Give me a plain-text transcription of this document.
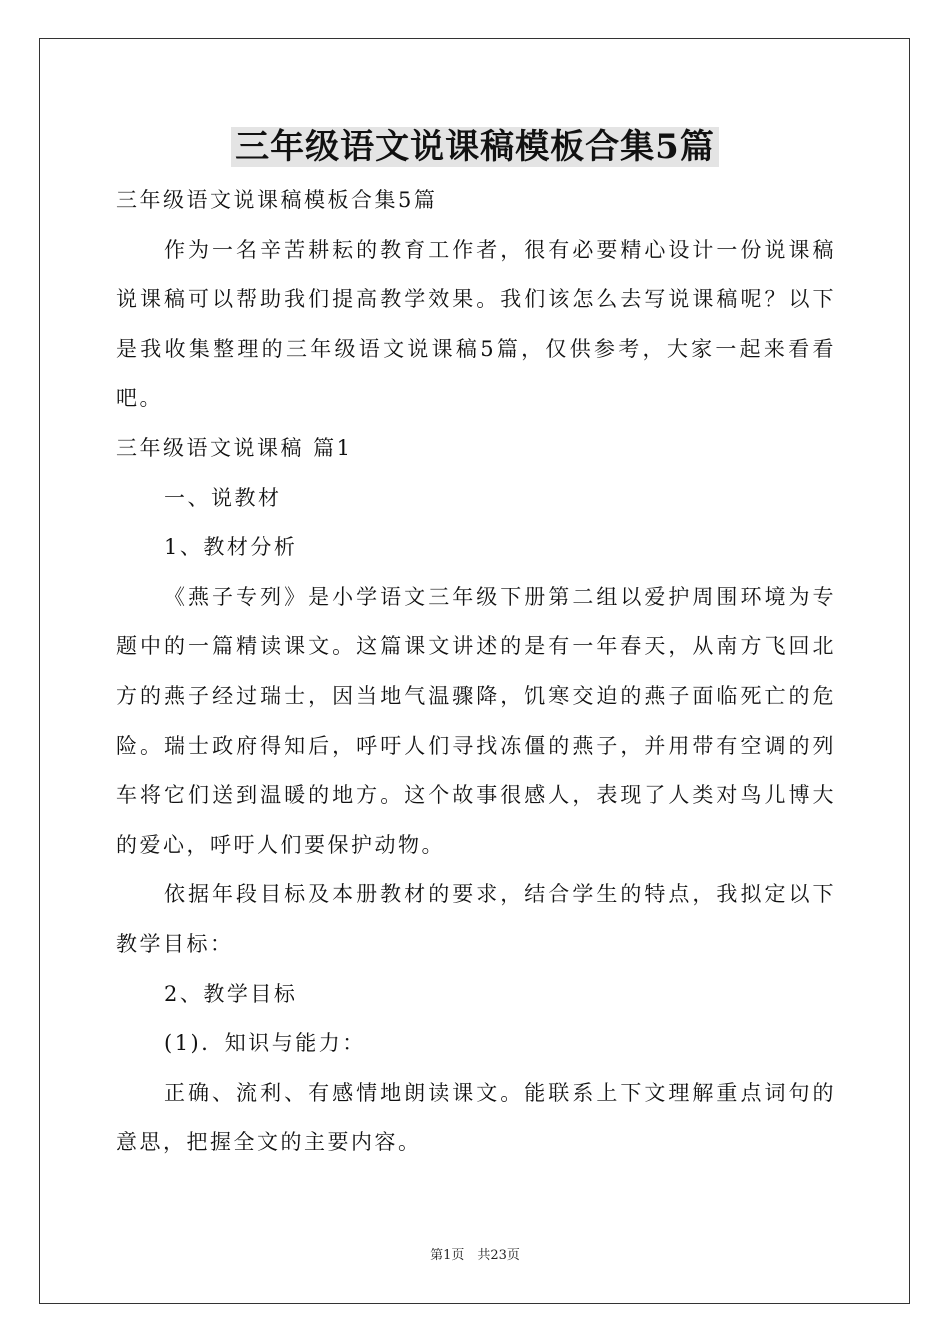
三年级语文说课稿模板合集5篇

三年级语文说课稿模板合集5篇

作为一名辛苦耕耘的教育工作者，很有必要精心设计一份说课稿说课稿可以帮助我们提高教学效果。我们该怎么去写说课稿呢？以下是我收集整理的三年级语文说课稿5篇，仅供参考，大家一起来看看吧。

三年级语文说课稿 篇1

一、说教材

1、教材分析

《燕子专列》是小学语文三年级下册第二组以爱护周围环境为专题中的一篇精读课文。这篇课文讲述的是有一年春天，从南方飞回北方的燕子经过瑞士，因当地气温骤降，饥寒交迫的燕子面临死亡的危险。瑞士政府得知后，呼吁人们寻找冻僵的燕子，并用带有空调的列车将它们送到温暖的地方。这个故事很感人，表现了人类对鸟儿博大的爱心，呼吁人们要保护动物。

依据年段目标及本册教材的要求，结合学生的特点，我拟定以下教学目标：

2、教学目标

(1)．知识与能力：

正确、流利、有感情地朗读课文。能联系上下文理解重点词句的意思，把握全文的主要内容。

第1页　共23页
